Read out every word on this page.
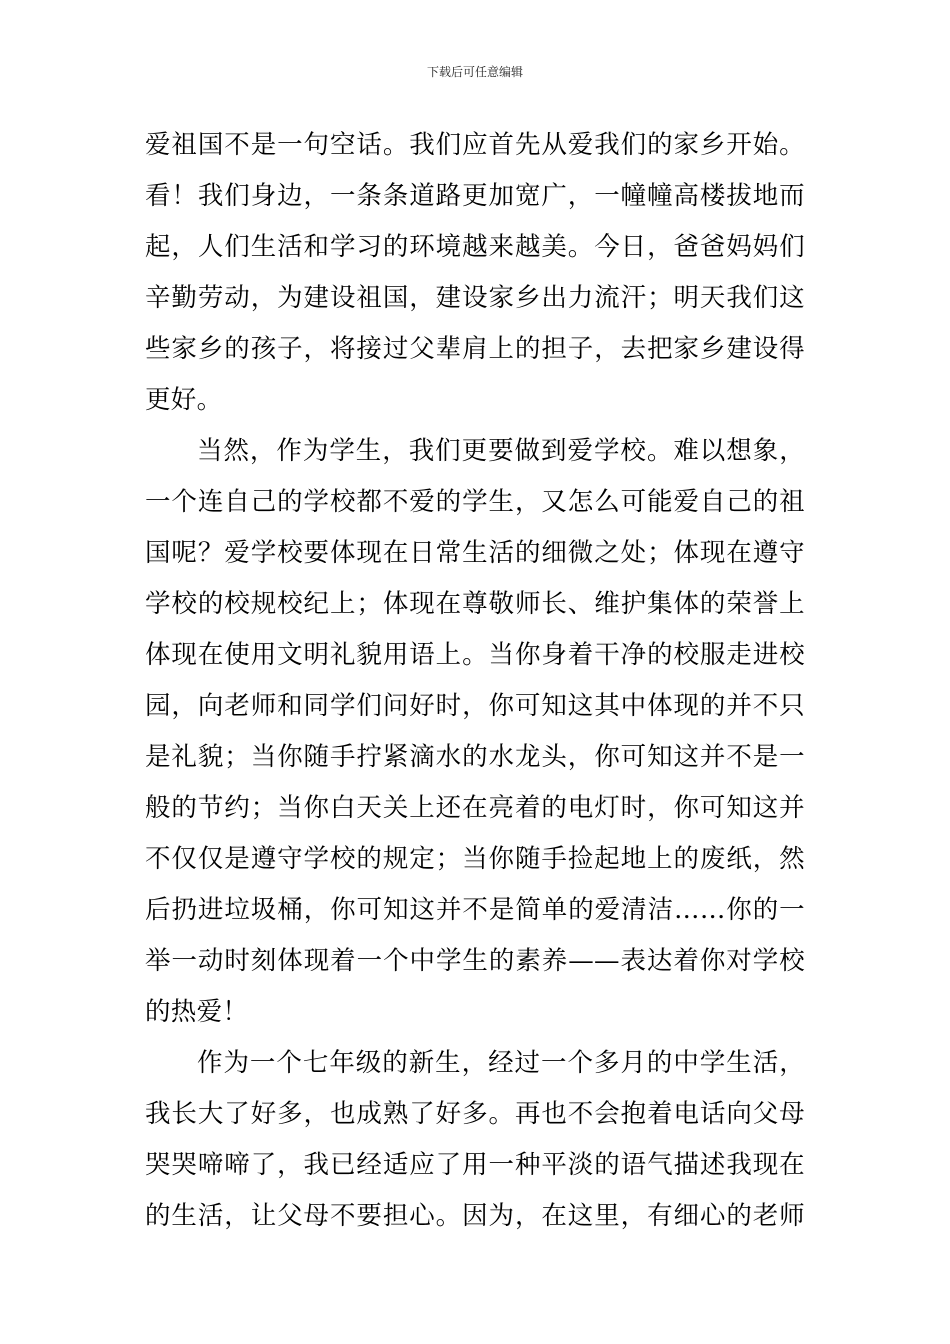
下载后可任意编辑
爱祖国不是一句空话。我们应首先从爱我们的家乡开始。
看！我们身边，一条条道路更加宽广，一幢幢高楼拔地而
起，人们生活和学习的环境越来越美。今日，爸爸妈妈们
辛勤劳动，为建设祖国，建设家乡出力流汗；明天我们这
些家乡的孩子，将接过父辈肩上的担子，去把家乡建设得
更好。
当然，作为学生，我们更要做到爱学校。难以想象，
一个连自己的学校都不爱的学生，又怎么可能爱自己的祖
国呢？爱学校要体现在日常生活的细微之处；体现在遵守
学校的校规校纪上；体现在尊敬师长、维护集体的荣誉上
体现在使用文明礼貌用语上。当你身着干净的校服走进校
园，向老师和同学们问好时，你可知这其中体现的并不只
是礼貌；当你随手拧紧滴水的水龙头，你可知这并不是一
般的节约；当你白天关上还在亮着的电灯时，你可知这并
不仅仅是遵守学校的规定；当你随手捡起地上的废纸，然
后扔进垃圾桶，你可知这并不是简单的爱清洁……你的一
举一动时刻体现着一个中学生的素养——表达着你对学校
的热爱！
作为一个七年级的新生，经过一个多月的中学生活，
我长大了好多，也成熟了好多。再也不会抱着电话向父母
哭哭啼啼了，我已经适应了用一种平淡的语气描述我现在
的生活，让父母不要担心。因为，在这里，有细心的老师
